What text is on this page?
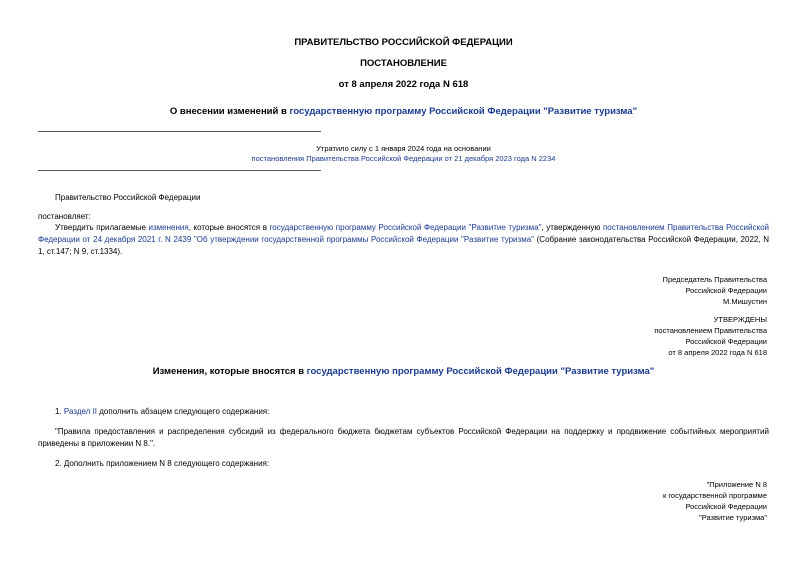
ПРАВИТЕЛЬСТВО РОССИЙСКОЙ ФЕДЕРАЦИИ
ПОСТАНОВЛЕНИЕ
от 8 апреля 2022 года N 618
О внесении изменений в государственную программу Российской Федерации "Развитие туризма"
Утратило силу с 1 января 2024 года на основании
постановления Правительства Российской Федерации от 21 декабря 2023 года N 2234
Правительство Российской Федерации
постановляет:
Утвердить прилагаемые изменения, которые вносятся в государственную программу Российской Федерации "Развитие туризма", утвержденную постановлением Правительства Российской Федерации от 24 декабря 2021 г. N 2439 "Об утверждении государственной программы Российской Федерации "Развитие туризма" (Собрание законодательства Российской Федерации, 2022, N 1, ст.147; N 9, ст.1334).
Председатель Правительства
Российской Федерации
М.Мишустин
УТВЕРЖДЕНЫ
постановлением Правительства
Российской Федерации
от 8 апреля 2022 года N 618
Изменения, которые вносятся в государственную программу Российской Федерации "Развитие туризма"
1. Раздел II дополнить абзацем следующего содержания:
"Правила предоставления и распределения субсидий из федерального бюджета бюджетам субъектов Российской Федерации на поддержку и продвижение событийных мероприятий приведены в приложении N 8.".
2. Дополнить приложением N 8 следующего содержания:
"Приложение N 8
к государственной программе
Российской Федерации
"Развитие туризма"
